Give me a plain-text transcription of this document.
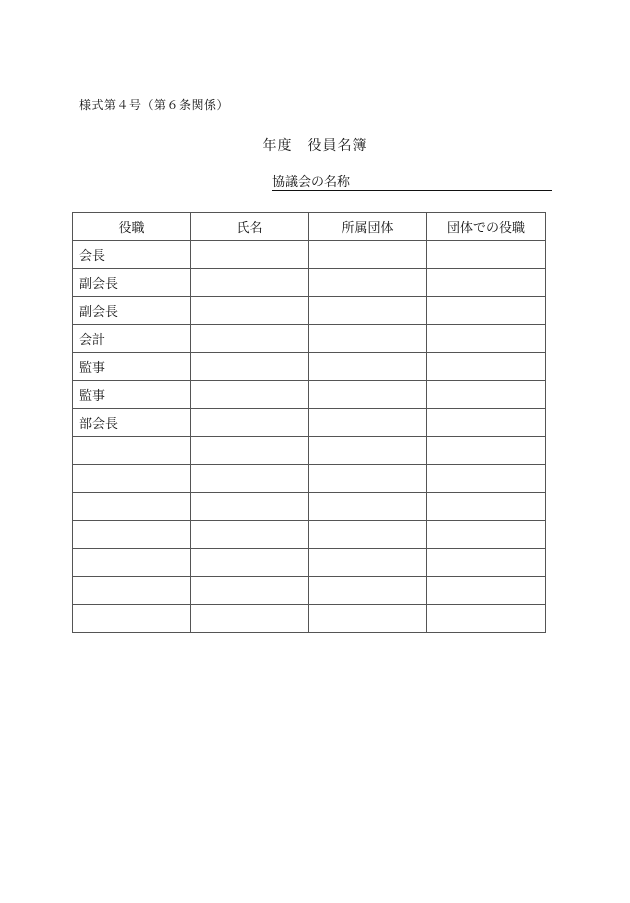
様式第４号（第６条関係）
年度　役員名簿
協議会の名称
役職	氏名	所属団体	団体での役職
会長			
副会長			
副会長			
会計			
監事			
監事			
部会長			
